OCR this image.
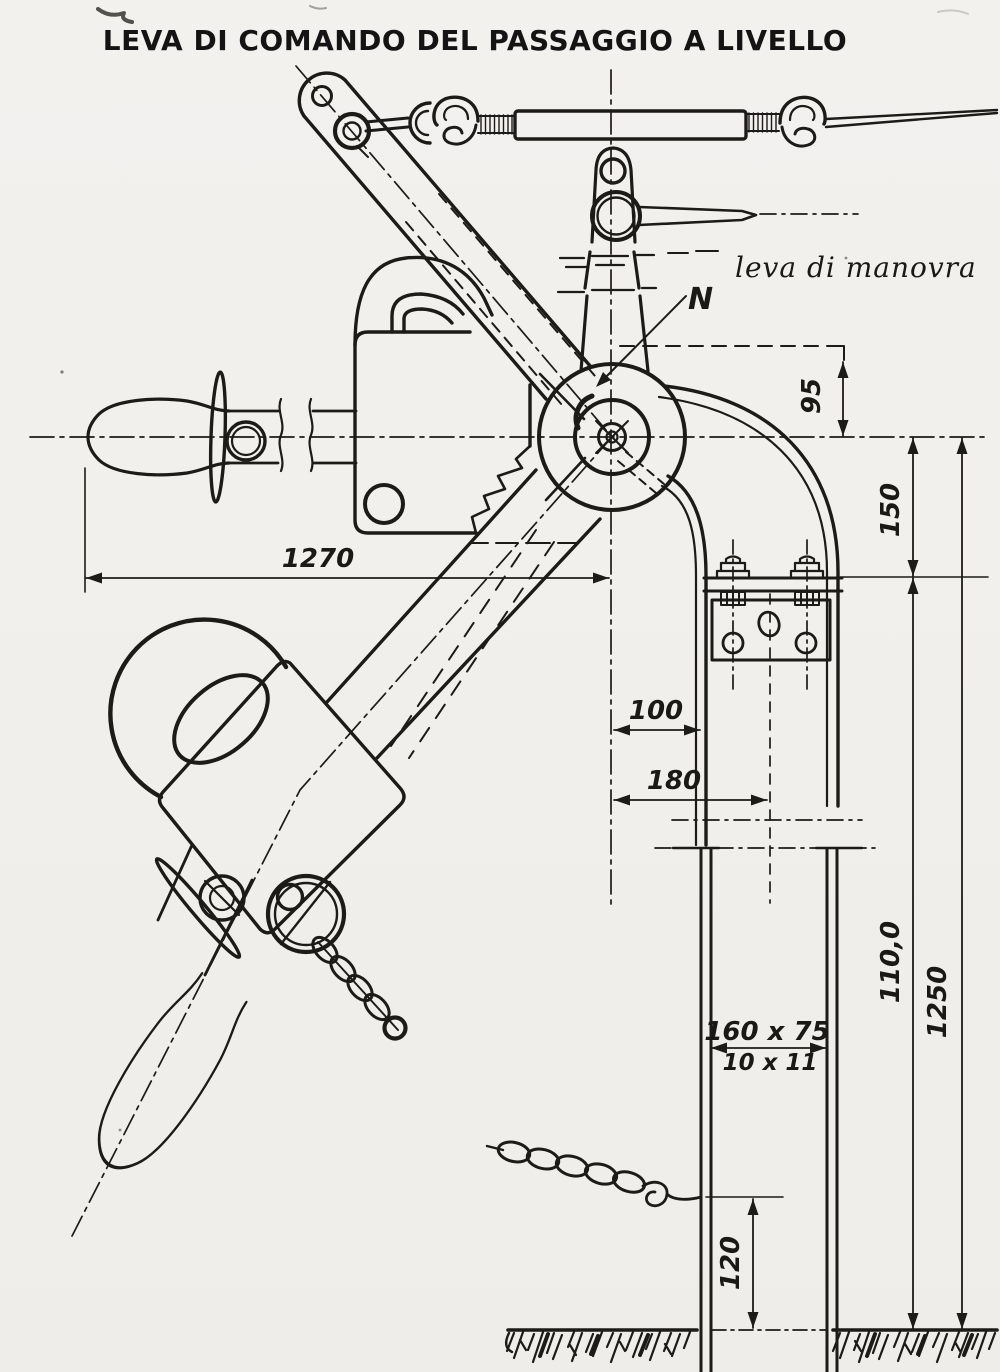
LEVA DI COMANDO DEL PASSAGGIO A LIVELLO
leva di manovra
N
1270
95
150
100
180
110,0 1250
160 x 75
10 x 11
120
